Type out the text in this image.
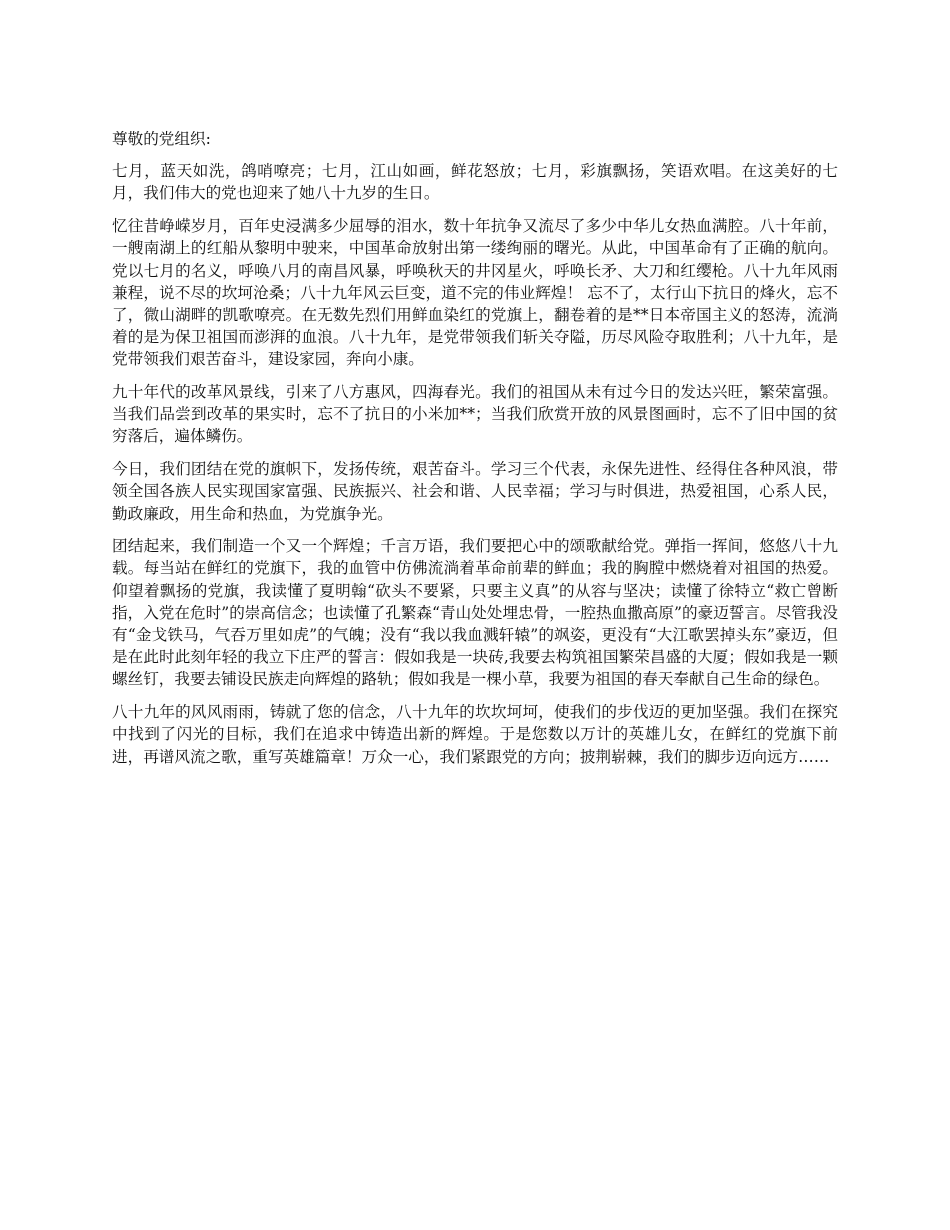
尊敬的党组织:

七月，蓝天如洗，鸽哨嘹亮；七月，江山如画，鲜花怒放；七月，彩旗飘扬，笑语欢唱。在这美好的七月，我们伟大的党也迎来了她八十九岁的生日。

忆往昔峥嵘岁月，百年史浸满多少屈辱的泪水，数十年抗争又流尽了多少中华儿女热血满腔。八十年前，一艘南湖上的红船从黎明中驶来，中国革命放射出第一缕绚丽的曙光。从此，中国革命有了正确的航向。党以七月的名义，呼唤八月的南昌风暴，呼唤秋天的井冈星火，呼唤长矛、大刀和红缨枪。八十九年风雨兼程，说不尽的坎坷沧桑；八十九年风云巨变，道不完的伟业辉煌！ 忘不了，太行山下抗日的烽火，忘不了，微山湖畔的凯歌嘹亮。在无数先烈们用鲜血染红的党旗上，翻卷着的是**日本帝国主义的怒涛，流淌着的是为保卫祖国而澎湃的血浪。八十九年，是党带领我们斩关夺隘，历尽风险夺取胜利；八十九年，是党带领我们艰苦奋斗，建设家园，奔向小康。

九十年代的改革风景线，引来了八方惠风，四海春光。我们的祖国从未有过今日的发达兴旺，繁荣富强。当我们品尝到改革的果实时，忘不了抗日的小米加**；当我们欣赏开放的风景图画时，忘不了旧中国的贫穷落后，遍体鳞伤。

今日，我们团结在党的旗帜下，发扬传统，艰苦奋斗。学习三个代表，永保先进性、经得住各种风浪，带领全国各族人民实现国家富强、民族振兴、社会和谐、人民幸福；学习与时俱进，热爱祖国，心系人民，勤政廉政，用生命和热血，为党旗争光。

团结起来，我们制造一个又一个辉煌；千言万语，我们要把心中的颂歌献给党。弹指一挥间，悠悠八十九载。每当站在鲜红的党旗下，我的血管中仿佛流淌着革命前辈的鲜血；我的胸膛中燃烧着对祖国的热爱。仰望着飘扬的党旗，我读懂了夏明翰“砍头不要紧，只要主义真”的从容与坚决；读懂了徐特立“救亡曾断指，入党在危时”的崇高信念；也读懂了孔繁森“青山处处埋忠骨，一腔热血撒高原”的豪迈誓言。尽管我没有“金戈铁马，气吞万里如虎”的气魄；没有“我以我血溅轩辕”的飒姿，更没有“大江歌罢掉头东”豪迈，但是在此时此刻年轻的我立下庄严的誓言：假如我是一块砖,我要去构筑祖国繁荣昌盛的大厦；假如我是一颗螺丝钉，我要去铺设民族走向辉煌的路轨；假如我是一棵小草，我要为祖国的春天奉献自己生命的绿色。

八十九年的风风雨雨，铸就了您的信念，八十九年的坎坎坷坷，使我们的步伐迈的更加坚强。我们在探究中找到了闪光的目标，我们在追求中铸造出新的辉煌。于是您数以万计的英雄儿女，在鲜红的党旗下前进，再谱风流之歌，重写英雄篇章！万众一心，我们紧跟党的方向；披荆崭棘，我们的脚步迈向远方……
